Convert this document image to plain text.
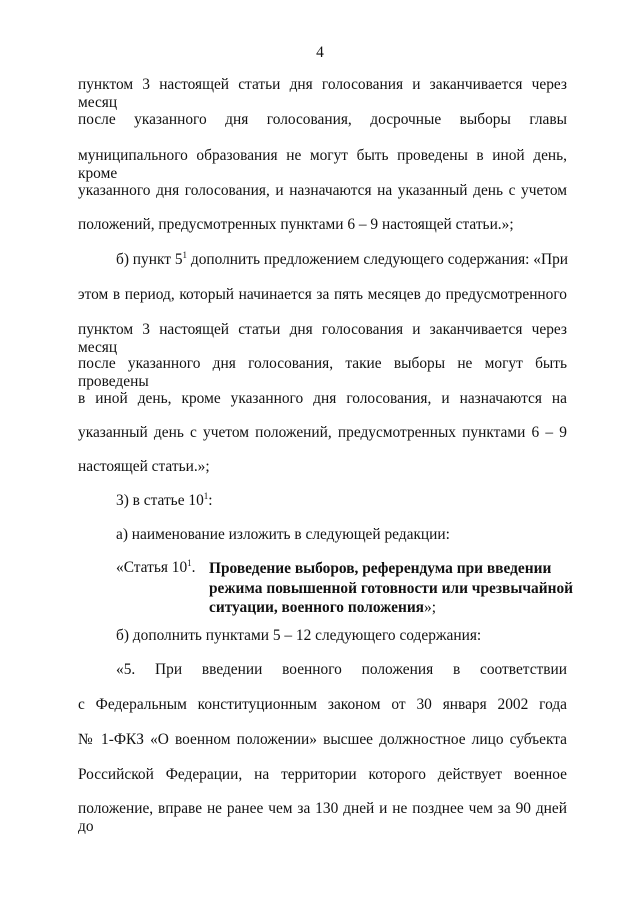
4
пунктом 3 настоящей статьи дня голосования и заканчивается через месяц
после указанного дня голосования, досрочные выборы главы
муниципального образования не могут быть проведены в иной день, кроме
указанного дня голосования, и назначаются на указанный день с учетом
положений, предусмотренных пунктами 6 – 9 настоящей статьи.»;
б) пункт $5^1$ дополнить предложением следующего содержания: «При
этом в период, который начинается за пять месяцев до предусмотренного
пунктом 3 настоящей статьи дня голосования и заканчивается через месяц
после указанного дня голосования, такие выборы не могут быть проведены
в иной день, кроме указанного дня голосования, и назначаются на
указанный день с учетом положений, предусмотренных пунктами 6 – 9
настоящей статьи.»;
3) в статье $10^1$:
а) наименование изложить в следующей редакции:
«Статья $10^1$. Проведение выборов, референдума при введении
режима повышенной готовности или чрезвычайной
ситуации, военного положения»;
б) дополнить пунктами 5 – 12 следующего содержания:
«5. При введении военного положения в соответствии
с Федеральным конституционным законом от 30 января 2002 года
№ 1-ФКЗ «О военном положении» высшее должностное лицо субъекта
Российской Федерации, на территории которого действует военное
положение, вправе не ранее чем за 130 дней и не позднее чем за 90 дней до
